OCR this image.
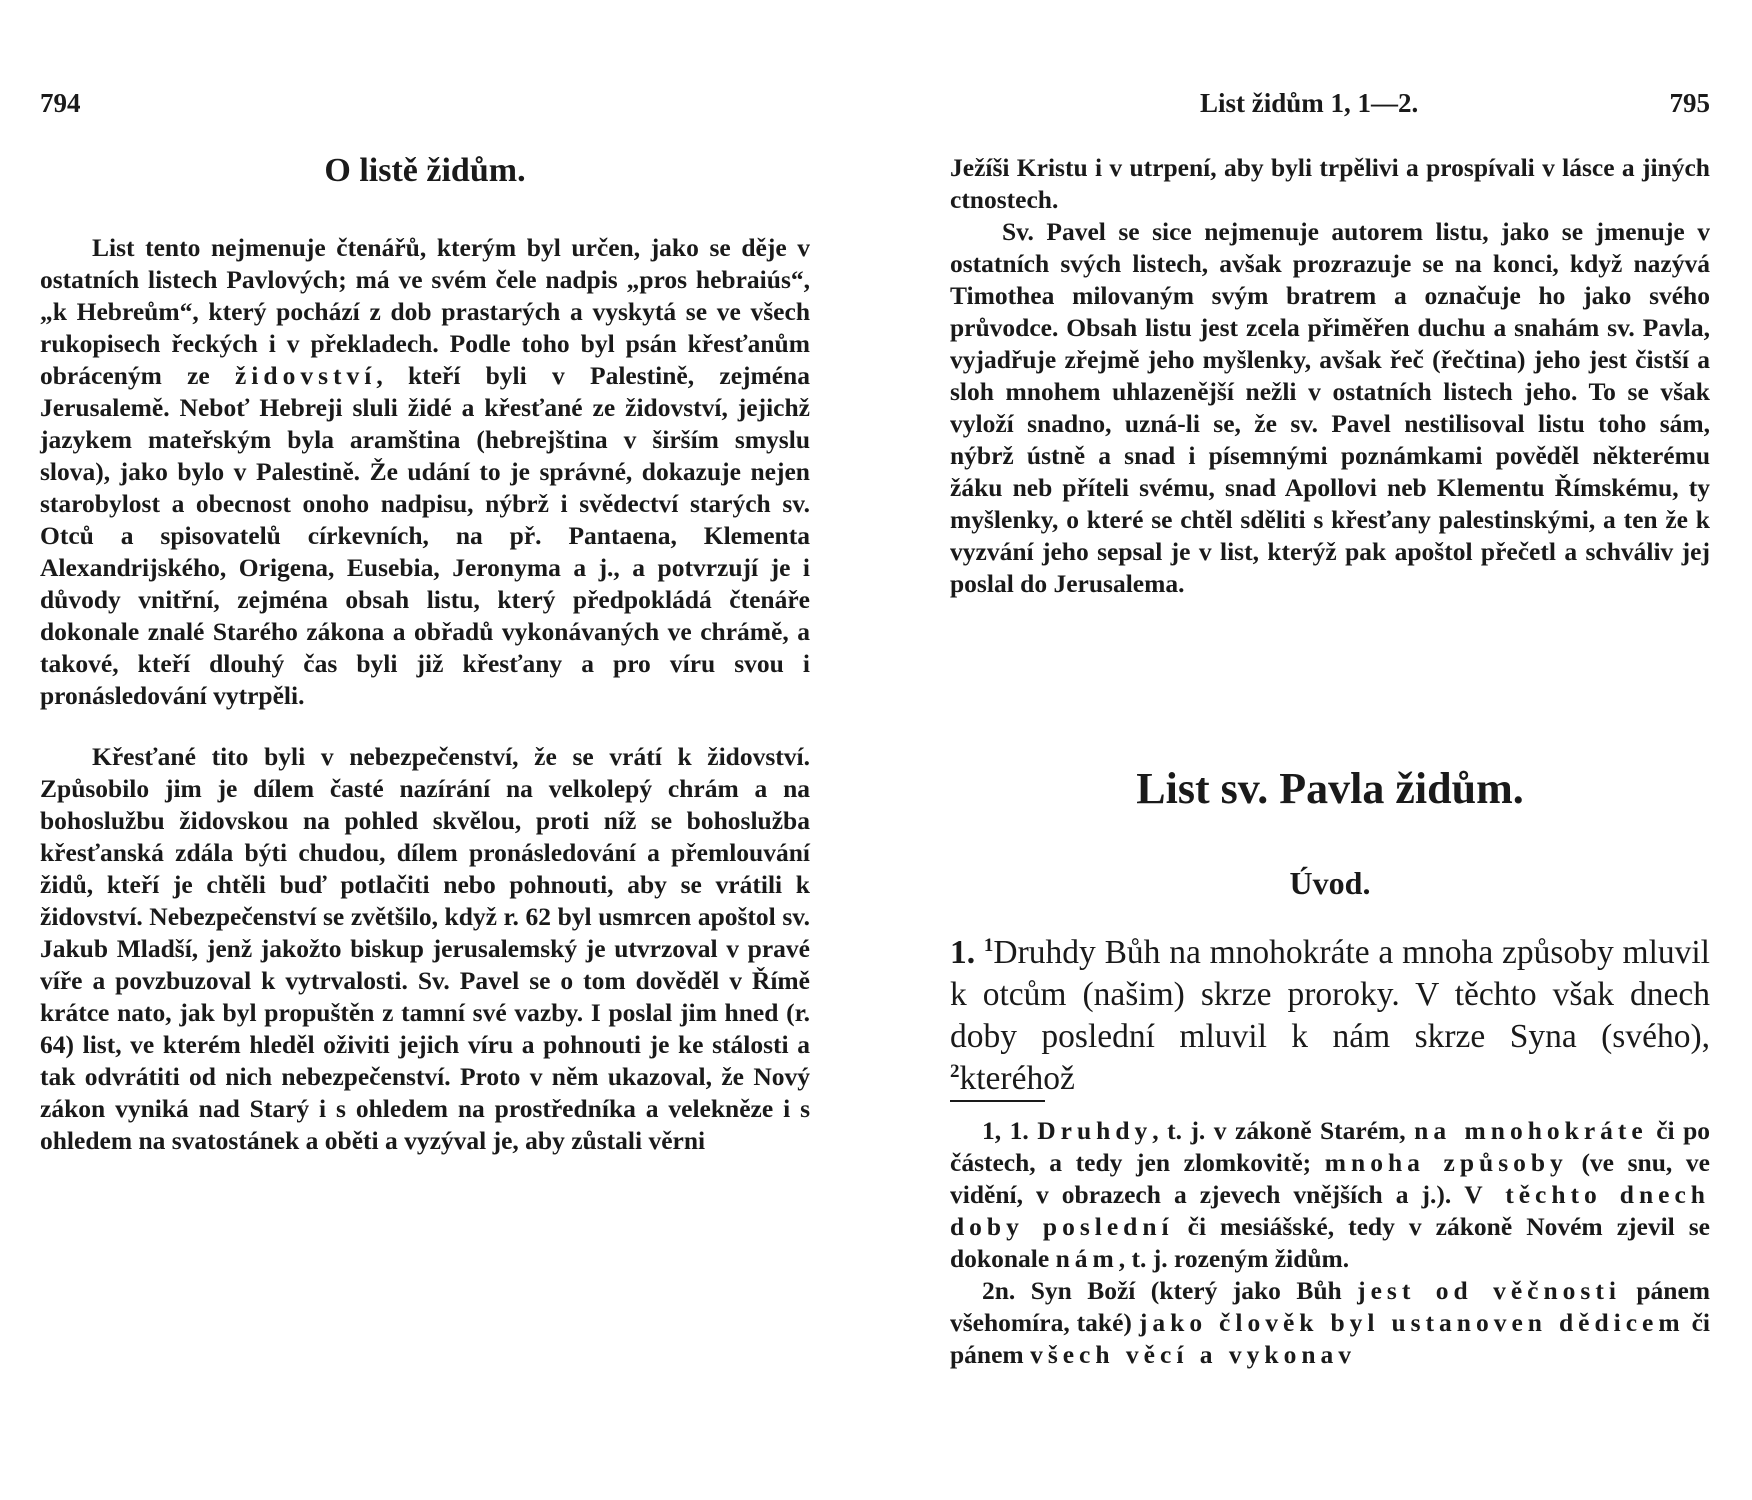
794
O listě židům.

List tento nejmenuje čtenářů, kterým byl určen, jako se děje v ostatních listech Pavlových; má ve svém čele nadpis „pros hebraiús“, „k Hebreům“, který pochází z dob prastarých a vyskytá se ve všech rukopisech řeckých i v překladech. Podle toho byl psán křesťanům obráceným ze židovství, kteří byli v Palestině, zejména Jerusalemě. Neboť Hebreji sluli židé a křesťané ze židovství, jejichž jazykem mateřským byla aramština (hebrejština v širším smyslu slova), jako bylo v Palestině. Že udání to je správné, dokazuje nejen starobylost a obecnost onoho nadpisu, nýbrž i svědectví starých sv. Otců a spisovatelů církevních, na př. Pantaena, Klementa Alexandrijského, Origena, Eusebia, Jeronyma a j., a potvrzují je i důvody vnitřní, zejména obsah listu, který předpokládá čtenáře dokonale znalé Starého zákona a obřadů vykonávaných ve chrámě, a takové, kteří dlouhý čas byli již křesťany a pro víru svou i pronásledování vytrpěli.

Křesťané tito byli v nebezpečenství, že se vrátí k židovství. Způsobilo jim je dílem časté nazírání na velkolepý chrám a na bohoslužbu židovskou na pohled skvělou, proti níž se bohoslužba křesťanská zdála býti chudou, dílem pronásledování a přemlouvání židů, kteří je chtěli buď potlačiti nebo pohnouti, aby se vrátili k židovství. Nebezpečenství se zvětšilo, když r. 62 byl usmrcen apoštol sv. Jakub Mladší, jenž jakožto biskup jerusalemský je utvrzoval v pravé víře a povzbuzoval k vytrvalosti. Sv. Pavel se o tom dověděl v Římě krátce nato, jak byl propuštěn z tamní své vazby. I poslal jim hned (r. 64) list, ve kterém hleděl oživiti jejich víru a pohnouti je ke stálosti a tak odvrátiti od nich nebezpečenství. Proto v něm ukazoval, že Nový zákon vyniká nad Starý i s ohledem na prostředníka a velekněze i s ohledem na svatostánek a oběti a vyzýval je, aby zůstali věrni

List židům 1, 1—2.	795

Ježíši Kristu i v utrpení, aby byli trpělivi a prospívali v lásce a jiných ctnostech.

Sv. Pavel se sice nejmenuje autorem listu, jako se jmenuje v ostatních svých listech, avšak prozrazuje se na konci, když nazývá Timothea milovaným svým bratrem a označuje ho jako svého průvodce. Obsah listu jest zcela přiměřen duchu a snahám sv. Pavla, vyjadřuje zřejmě jeho myšlenky, avšak řeč (řečtina) jeho jest čistší a sloh mnohem uhlazenější nežli v ostatních listech jeho. To se však vyloží snadno, uzná-li se, že sv. Pavel nestilisoval listu toho sám, nýbrž ústně a snad i písemnými poznámkami pověděl některému žáku neb příteli svému, snad Apollovi neb Klementu Římskému, ty myšlenky, o které se chtěl sděliti s křesťany palestinskými, a ten že k vyzvání jeho sepsal je v list, kterýž pak apoštol přečetl a schváliv jej poslal do Jerusalema.

List sv. Pavla židům.
Úvod.

1. $^1$Druhdy Bůh na mnohokráte a mnoha způsoby mluvil k otcům (našim) skrze proroky. V těchto však dnech doby poslední mluvil k nám skrze Syna (svého), $^2$kteréhož

1, 1. Druhdy, t. j. v zákoně Starém, na mnohokráte či po částech, a tedy jen zlomkovitě; mnoha způsoby (ve snu, ve vidění, v obrazech a zjevech vnějších a j.). V těchto dnech doby poslední či mesiášské, tedy v zákoně Novém zjevil se dokonale nám, t. j. rozeným židům.

2n. Syn Boží (který jako Bůh jest od věčnosti pánem všehomíra, také) jako člověk byl ustanoven dědicem či pánem všech věcí a vykonav
